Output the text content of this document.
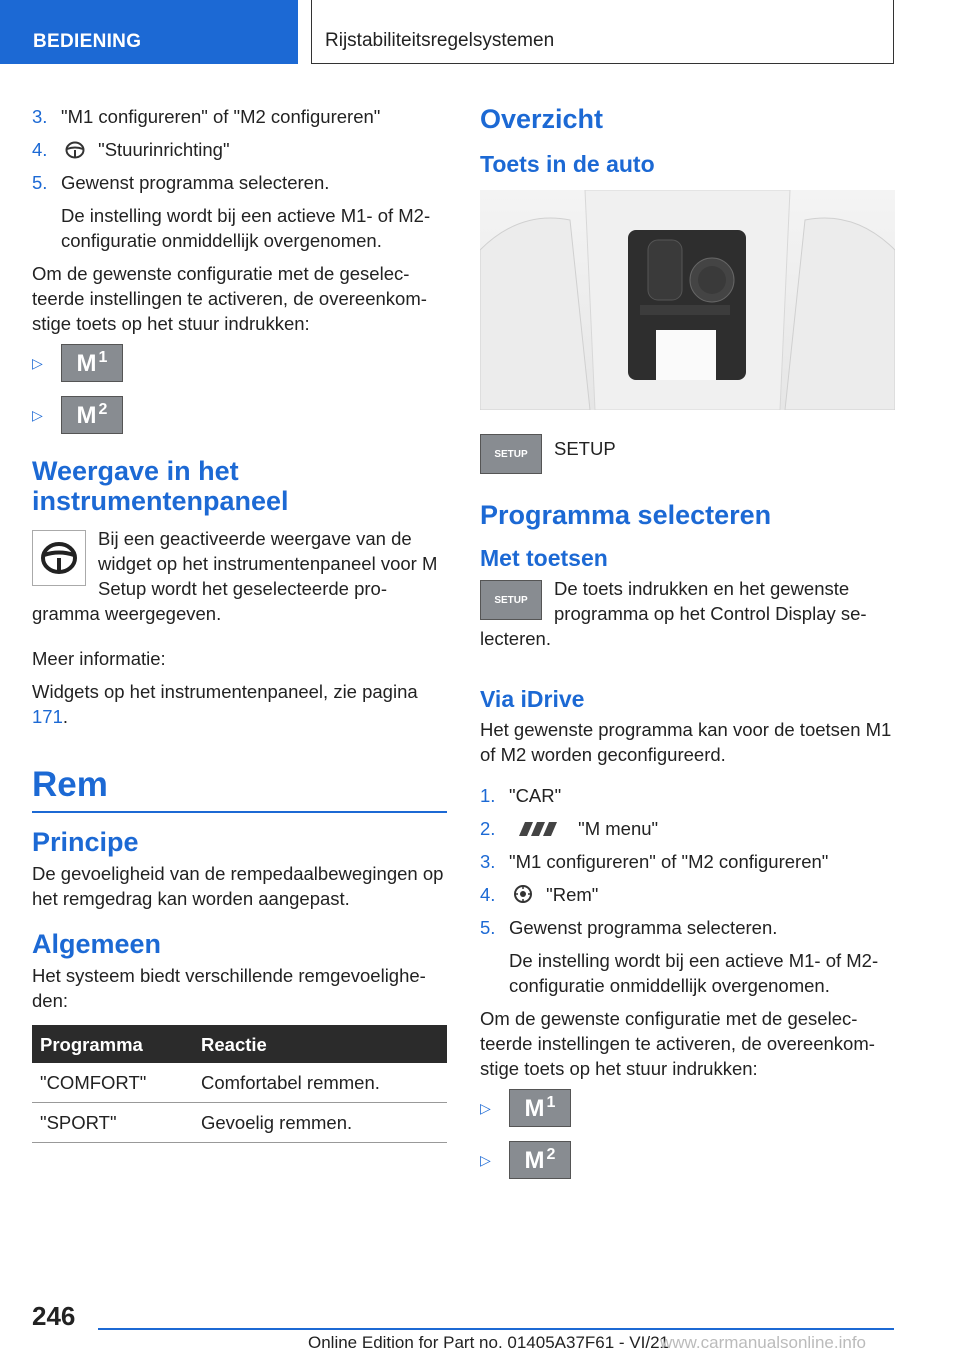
BEDIENING	Rijstabiliteitsregelsystemen
3. "M1 configureren" of "M2 configureren"
4.	"Stuurinrichting"
5. Gewenst programma selecteren.
De instelling wordt bij een actieve M1- of M2-configuratie onmiddellijk overgenomen.

Om de gewenste configuratie met de geselecteerde instellingen te activeren, de overeenkomstige toets op het stuur indrukken:

▷	$M^1$
▷	$M^2$
Weergave in het instrumentenpaneel

Bij een geactiveerde weergave van de widget op het instrumentenpaneel voor M Setup wordt het geselecteerde programma weergegeven.

Meer informatie:

Widgets op het instrumentenpaneel, zie pagina 171.

Rem
Principe

De gevoeligheid van de rempedaalbewegingen op het remgedrag kan worden aangepast.

Algemeen

Het systeem biedt verschillende remgevoeligheden:

Programma	Reactie
"COMFORT"	Comfortabel remmen.
"SPORT"	Gevoelig remmen.
Overzicht
Toets in de auto
SETUP	SETUP

Programma selecteren
Met toetsen
SETUP

De toets indrukken en het gewenste programma op het Control Display selecteren.

Via iDrive

Het gewenste programma kan voor de toetsen M1 of M2 worden geconfigureerd.

1. "CAR"
2.	"M menu"
3. "M1 configureren" of "M2 configureren"
4.	"Rem"
5. Gewenst programma selecteren.
De instelling wordt bij een actieve M1- of M2-configuratie onmiddellijk overgenomen.

Om de gewenste configuratie met de geselecteerde instellingen te activeren, de overeenkomstige toets op het stuur indrukken:

▷	$M^1$
▷	$M^2$
246
Online Edition for Part no. 01405A37F61 - VI/21
www.carmanualsonline.info
